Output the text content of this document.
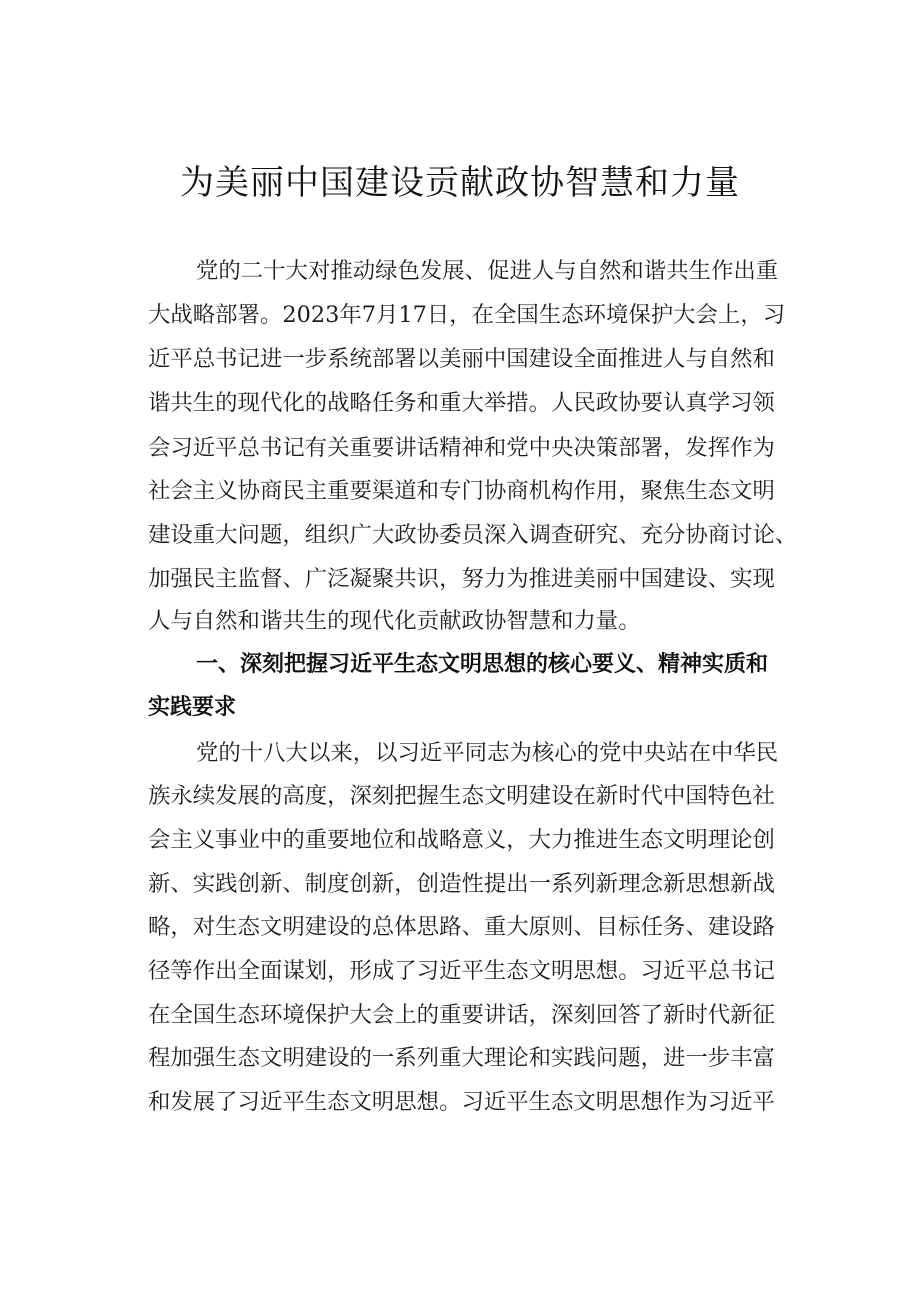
为美丽中国建设贡献政协智慧和力量

党的二十大对推动绿色发展、促进人与自然和谐共生作出重

大战略部署。2023年7月17日，在全国生态环境保护大会上，习

近平总书记进一步系统部署以美丽中国建设全面推进人与自然和

谐共生的现代化的战略任务和重大举措。人民政协要认真学习领

会习近平总书记有关重要讲话精神和党中央决策部署，发挥作为

社会主义协商民主重要渠道和专门协商机构作用，聚焦生态文明

建设重大问题，组织广大政协委员深入调查研究、充分协商讨论、

加强民主监督、广泛凝聚共识，努力为推进美丽中国建设、实现

人与自然和谐共生的现代化贡献政协智慧和力量。

一、深刻把握习近平生态文明思想的核心要义、精神实质和

实践要求

党的十八大以来，以习近平同志为核心的党中央站在中华民

族永续发展的高度，深刻把握生态文明建设在新时代中国特色社

会主义事业中的重要地位和战略意义，大力推进生态文明理论创

新、实践创新、制度创新，创造性提出一系列新理念新思想新战

略，对生态文明建设的总体思路、重大原则、目标任务、建设路

径等作出全面谋划，形成了习近平生态文明思想。习近平总书记

在全国生态环境保护大会上的重要讲话，深刻回答了新时代新征

程加强生态文明建设的一系列重大理论和实践问题，进一步丰富

和发展了习近平生态文明思想。习近平生态文明思想作为习近平
